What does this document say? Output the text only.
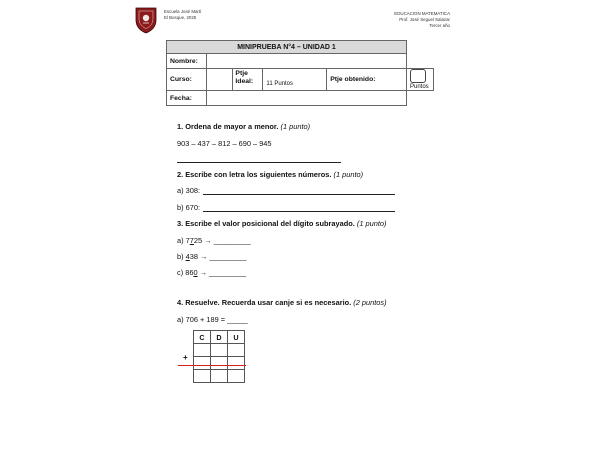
Escuela José Martí
El Bosque, 2025
EDUCACION MATEMATICA
Prof. José Seguel Salazar
Tercer año
MINIPRUEBA N°4 – UNIDAD 1				
Nombre:				
Curso:		Ptje Ideal: 11 Puntos	Ptje obtenido:	Puntos
Fecha:				
1. Ordena de mayor a menor. (1 punto)
903 – 437 – 812 – 690 – 945
2. Escribe con letra los siguientes números. (1 punto)
a) 308:
b) 670:
3. Escribe el valor posicional del dígito subrayado. (1 punto)
a) 7725 → _________
b) 438 → _________
c) 860 → _________
4. Resuelve. Recuerda usar canje si es necesario. (2 puntos)
a) 706 + 189 = _____
C	D	U

+
